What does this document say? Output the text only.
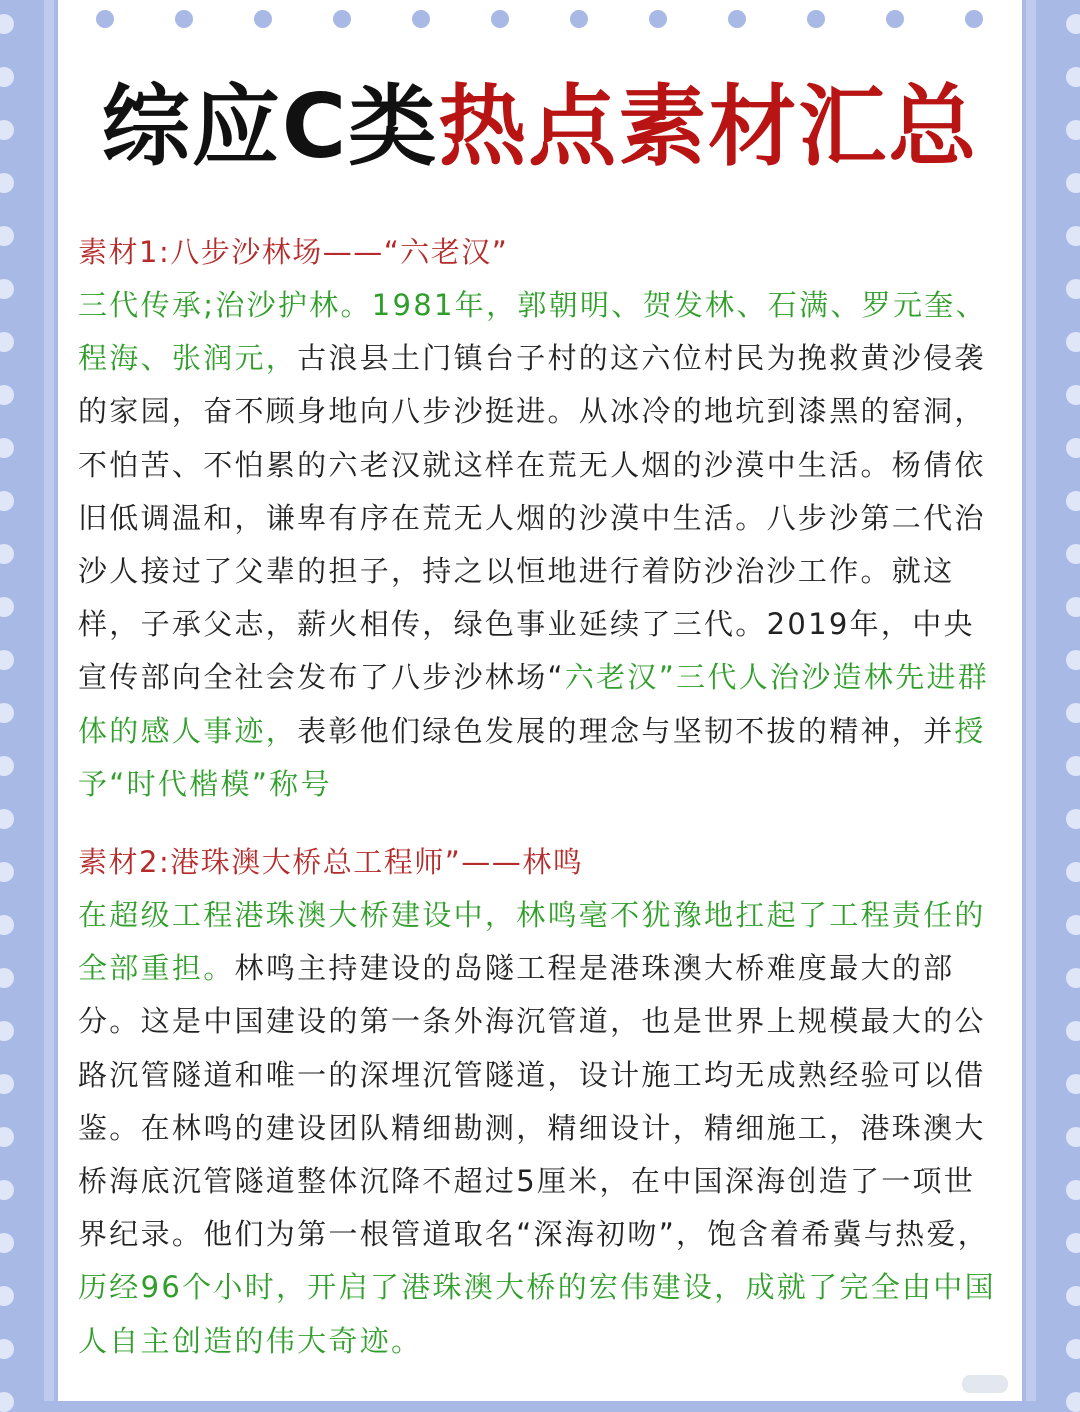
综应C类热点素材汇总
素材1:八步沙林场——“六老汉”
三代传承;治沙护林。1981年，郭朝明、贺发林、石满、罗元奎、程海、张润元，古浪县土门镇台子村的这六位村民为挽救黄沙侵袭的家园，奋不顾身地向八步沙挺进。从冰冷的地坑到漆黑的窑洞，不怕苦、不怕累的六老汉就这样在荒无人烟的沙漠中生活。杨倩依旧低调温和，谦卑有序在荒无人烟的沙漠中生活。八步沙第二代治沙人接过了父辈的担子，持之以恒地进行着防沙治沙工作。就这样，子承父志，薪火相传，绿色事业延续了三代。2019年，中央宣传部向全社会发布了八步沙林场“六老汉”三代人治沙造林先进群体的感人事迹，表彰他们绿色发展的理念与坚韧不拔的精神，并授予“时代楷模”称号
素材2:港珠澳大桥总工程师”——林鸣
在超级工程港珠澳大桥建设中，林鸣毫不犹豫地扛起了工程责任的全部重担。林鸣主持建设的岛隧工程是港珠澳大桥难度最大的部分。这是中国建设的第一条外海沉管道，也是世界上规模最大的公路沉管隧道和唯一的深埋沉管隧道，设计施工均无成熟经验可以借鉴。在林鸣的建设团队精细勘测，精细设计，精细施工，港珠澳大桥海底沉管隧道整体沉降不超过5厘米，在中国深海创造了一项世界纪录。他们为第一根管道取名“深海初吻”，饱含着希冀与热爱，历经96个小时，开启了港珠澳大桥的宏伟建设，成就了完全由中国人自主创造的伟大奇迹。
